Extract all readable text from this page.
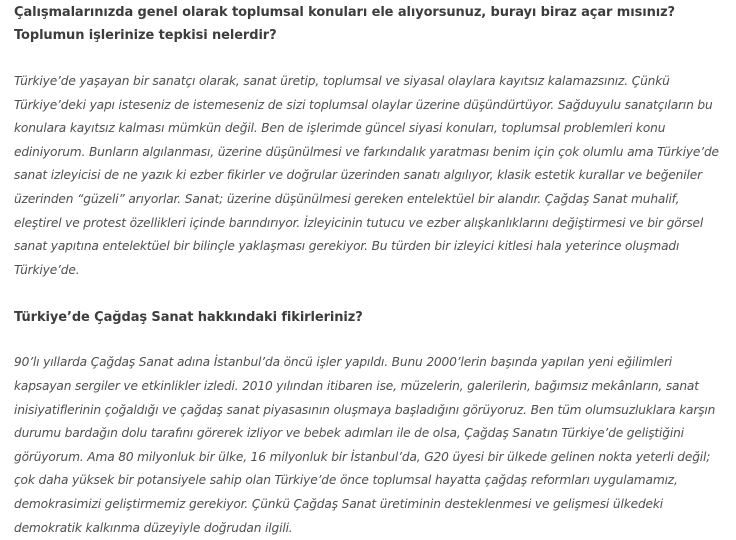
Çalışmalarınızda genel olarak toplumsal konuları ele alıyorsunuz, burayı biraz açar mısınız? Toplumun işlerinize tepkisi nelerdir?

Türkiye’de yaşayan bir sanatçı olarak, sanat üretip, toplumsal ve siyasal olaylara kayıtsız kalamazsınız. Çünkü Türkiye’deki yapı isteseniz de istemeseniz de sizi toplumsal olaylar üzerine düşündürtüyor. Sağduyulu sanatçıların bu konulara kayıtsız kalması mümkün değil. Ben de işlerimde güncel siyasi konuları, toplumsal problemleri konu ediniyorum. Bunların algılanması, üzerine düşünülmesi ve farkındalık yaratması benim için çok olumlu ama Türkiye’de sanat izleyicisi de ne yazık ki ezber fikirler ve doğrular üzerinden sanatı algılıyor, klasik estetik kurallar ve beğeniler üzerinden “güzeli” arıyorlar. Sanat; üzerine düşünülmesi gereken entelektüel bir alandır. Çağdaş Sanat muhalif, eleştirel ve protest özellikleri içinde barındırıyor. İzleyicinin tutucu ve ezber alışkanlıklarını değiştirmesi ve bir görsel sanat yapıtına entelektüel bir bilinçle yaklaşması gerekiyor. Bu türden bir izleyici kitlesi hala yeterince oluşmadı Türkiye’de.

Türkiye’de Çağdaş Sanat hakkındaki fikirleriniz?

90’lı yıllarda Çağdaş Sanat adına İstanbul’da öncü işler yapıldı. Bunu 2000’lerin başında yapılan yeni eğilimleri kapsayan sergiler ve etkinlikler izledi. 2010 yılından itibaren ise, müzelerin, galerilerin, bağımsız mekânların, sanat inisiyatiflerinin çoğaldığı ve çağdaş sanat piyasasının oluşmaya başladığını görüyoruz. Ben tüm olumsuzluklara karşın durumu bardağın dolu tarafını görerek izliyor ve bebek adımları ile de olsa, Çağdaş Sanatın Türkiye’de geliştiğini görüyorum. Ama 80 milyonluk bir ülke, 16 milyonluk bir İstanbul’da, G20 üyesi bir ülkede gelinen nokta yeterli değil; çok daha yüksek bir potansiyele sahip olan Türkiye’de önce toplumsal hayatta çağdaş reformları uygulamamız, demokrasimizi geliştirmemiz gerekiyor. Çünkü Çağdaş Sanat üretiminin desteklenmesi ve gelişmesi ülkedeki demokratik kalkınma düzeyiyle doğrudan ilgili.
